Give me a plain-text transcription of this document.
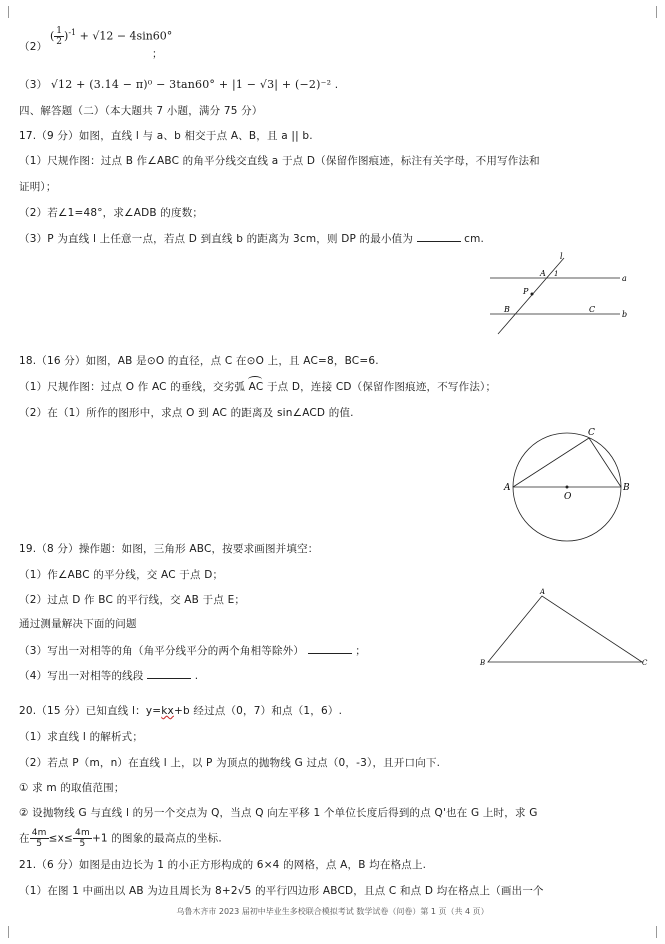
（2）
( $\frac{1}{2} )^{-1} + √12 - 4\sin 60^\circ$
；
（3） √12 + (3.14 − π)⁰ − 3tan60° + |1 − √3| + (−2)⁻² .
四、解答题（二）（本大题共 7 小题，满分 75 分）
17.（9 分）如图，直线 l 与 a、b 相交于点 A、B，且 a || b.
（1）尺规作图：过点 B 作∠ABC 的角平分线交直线 a 于点 D（保留作图痕迹，标注有关字母，不用写作法和
证明）；
（2）若∠1=48°，求∠ADB 的度数；
（3）P 为直线 l 上任意一点，若点 D 到直线 b 的距离为 3cm，则 DP 的最小值为	cm.
l
A 1	a
P
B	C
b
18.（16 分）如图，AB 是⊙O 的直径，点 C 在⊙O 上，且 AC=8，BC=6.
（1）尺规作图：过点 O 作 AC 的垂线，交劣弧 AC 于点 D，连接 CD（保留作图痕迹，不写作法）；
（2）在（1）所作的图形中，求点 O 到 AC 的距离及 sin∠ACD 的值.
C
A
O
B
19.（8 分）操作题：如图，三角形 ABC，按要求画图并填空：
（1）作∠ABC 的平分线，交 AC 于点 D；
（2）过点 D 作 BC 的平行线，交 AB 于点 E；
通过测量解决下面的问题
（3）写出一对相等的角（角平分线平分的两个角相等除外）	；
（4）写出一对相等的线段	.
A
B	C
20.（15 分）已知直线 l：y=kx+b 经过点（0，7）和点（1，6）.
（1）求直线 l 的解析式；
（2）若点 P（m，n）在直线 l 上，以 P 为顶点的抛物线 G 过点（0，-3），且开口向下.
① 求 m 的取值范围；
② 设抛物线 G 与直线 l 的另一个交点为 Q，当点 Q 向左平移 1 个单位长度后得到的点 Q'也在 G 上时，求 G
在 $\frac{4m}{5} \le x\le \frac{4m}{5} +1$ 的图象的最高点的坐标.
21.（6 分）如图是由边长为 1 的小正方形构成的 6×4 的网格，点 A，B 均在格点上.
（1）在图 1 中画出以 AB 为边且周长为 8+2√5 的平行四边形 ABCD，且点 C 和点 D 均在格点上（画出一个
乌鲁木齐市 2023 届初中毕业生多校联合模拟考试 数学试卷（问卷）第 1 页（共 4 页）
